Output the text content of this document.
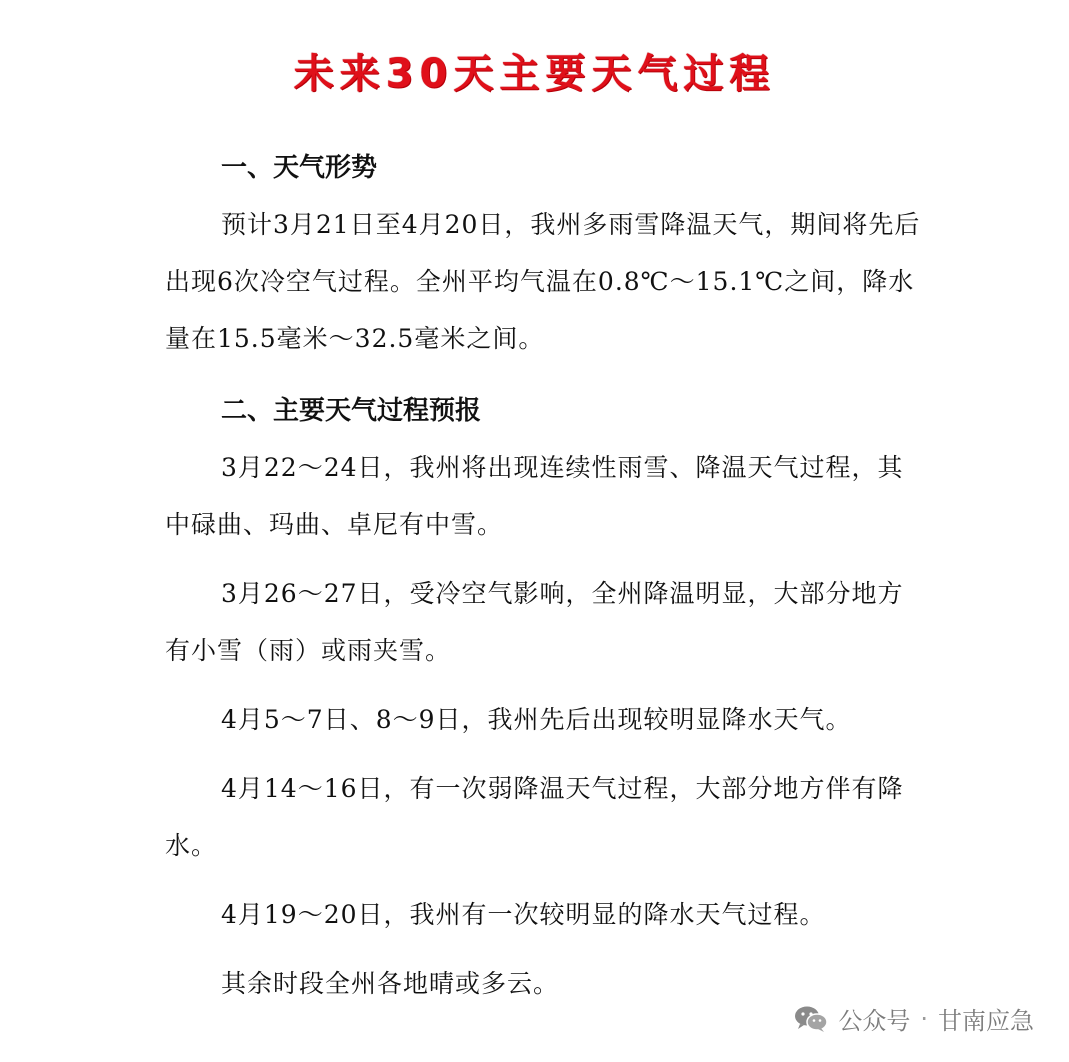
未来30天主要天气过程
一、天气形势

预计3月21日至4月20日，我州多雨雪降温天气，期间将先后出现6次冷空气过程。全州平均气温在0.8℃～15.1℃之间，降水量在15.5毫米～32.5毫米之间。

二、主要天气过程预报

3月22～24日，我州将出现连续性雨雪、降温天气过程，其中碌曲、玛曲、卓尼有中雪。

3月26～27日，受冷空气影响，全州降温明显，大部分地方有小雪（雨）或雨夹雪。

4月5～7日、8～9日，我州先后出现较明显降水天气。

4月14～16日，有一次弱降温天气过程，大部分地方伴有降水。

4月19～20日，我州有一次较明显的降水天气过程。

其余时段全州各地晴或多云。

公众号 · 甘南应急
